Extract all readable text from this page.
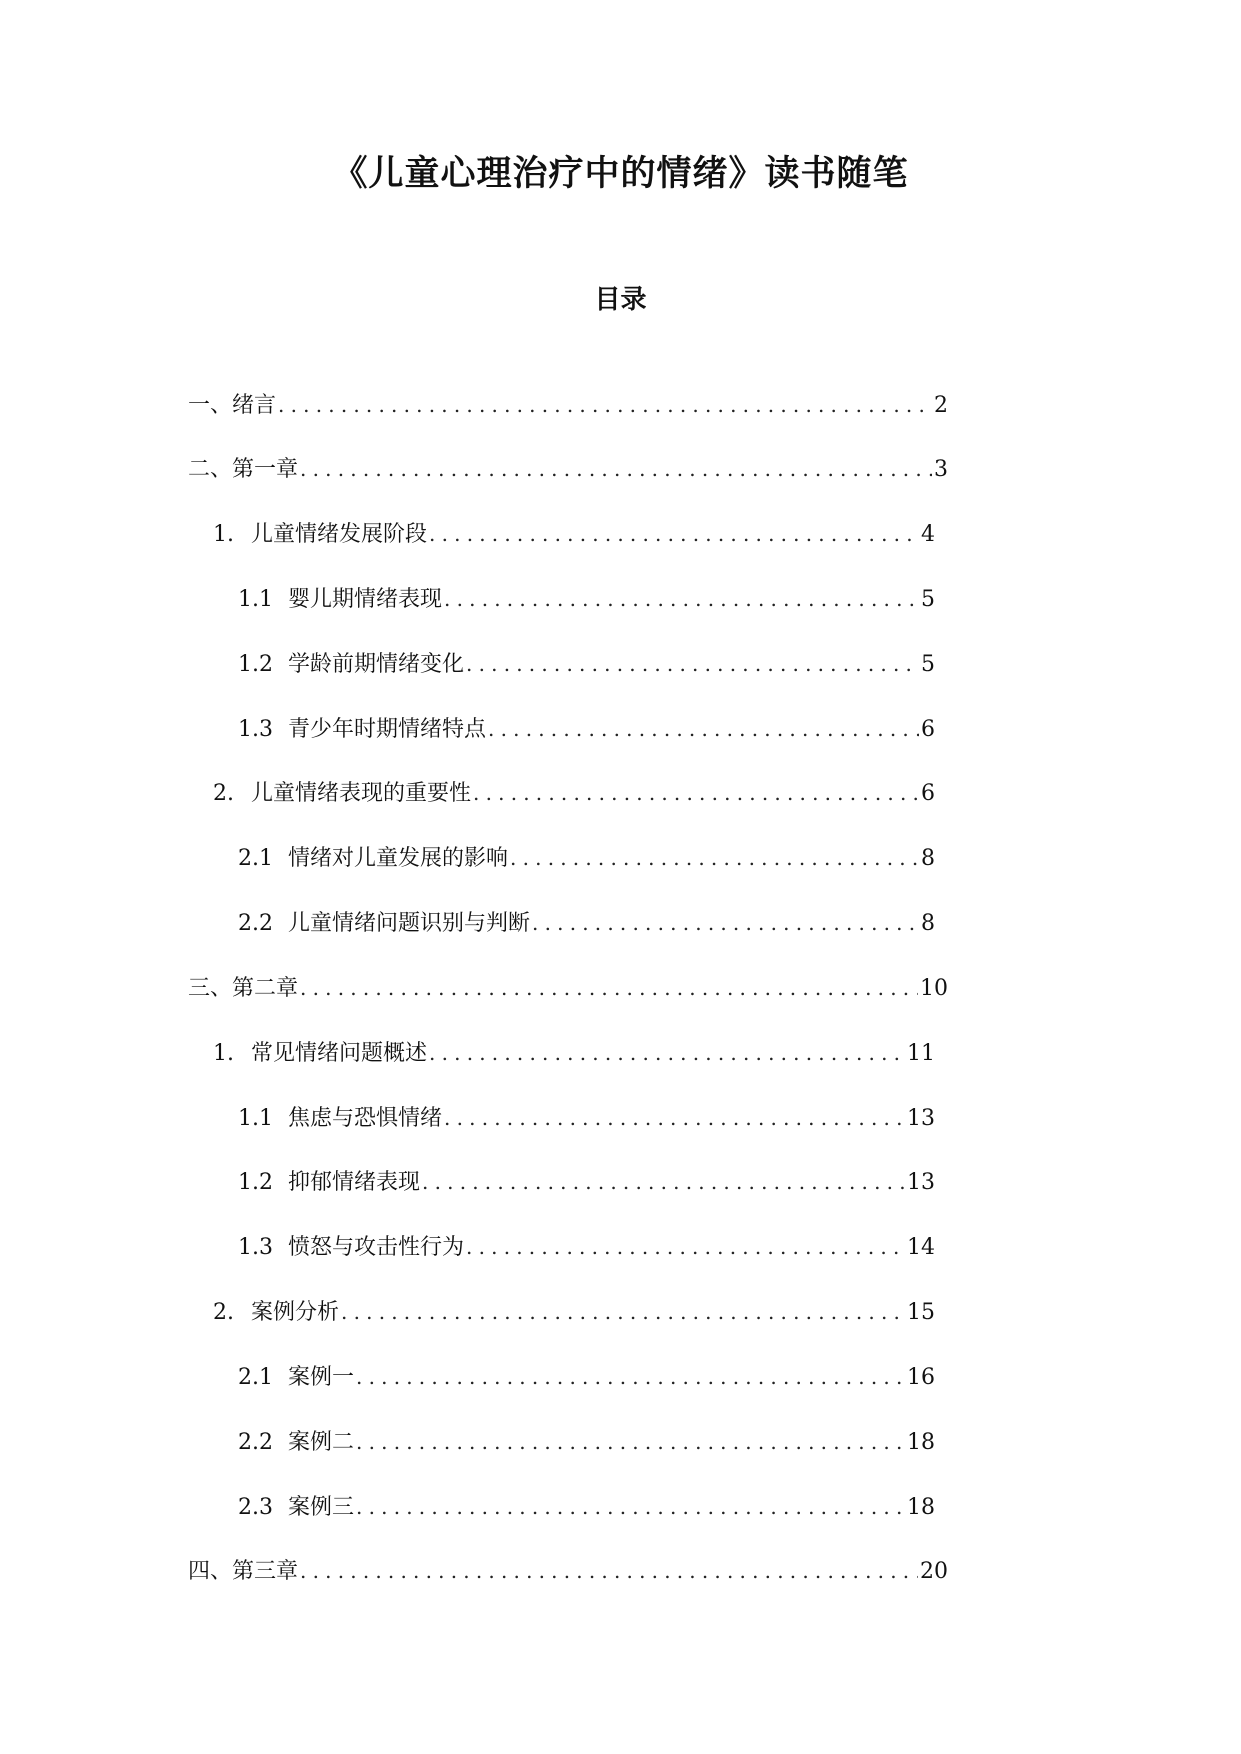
《儿童心理治疗中的情绪》读书随笔
目录
一、 绪言 .....	2
二、 第一章 .....	3
1. 儿童情绪发展阶段 .....	4
1.1 婴儿期情绪表现 .....	5
1.2 学龄前期情绪变化 .....	5
1.3 青少年时期情绪特点 .....	6
2. 儿童情绪表现的重要性 .....	6
2.1 情绪对儿童发展的影响 .....	8
2.2 儿童情绪问题识别与判断 .....	8
三、 第二章 .....	10
1. 常见情绪问题概述 .....	11
1.1 焦虑与恐惧情绪 .....	13
1.2 抑郁情绪表现 .....	13
1.3 愤怒与攻击性行为 .....	14
2. 案例分析 .....	15
2.1 案例一 .....	16
2.2 案例二 .....	18
2.3 案例三 .....	18
四、 第三章 .....	20
